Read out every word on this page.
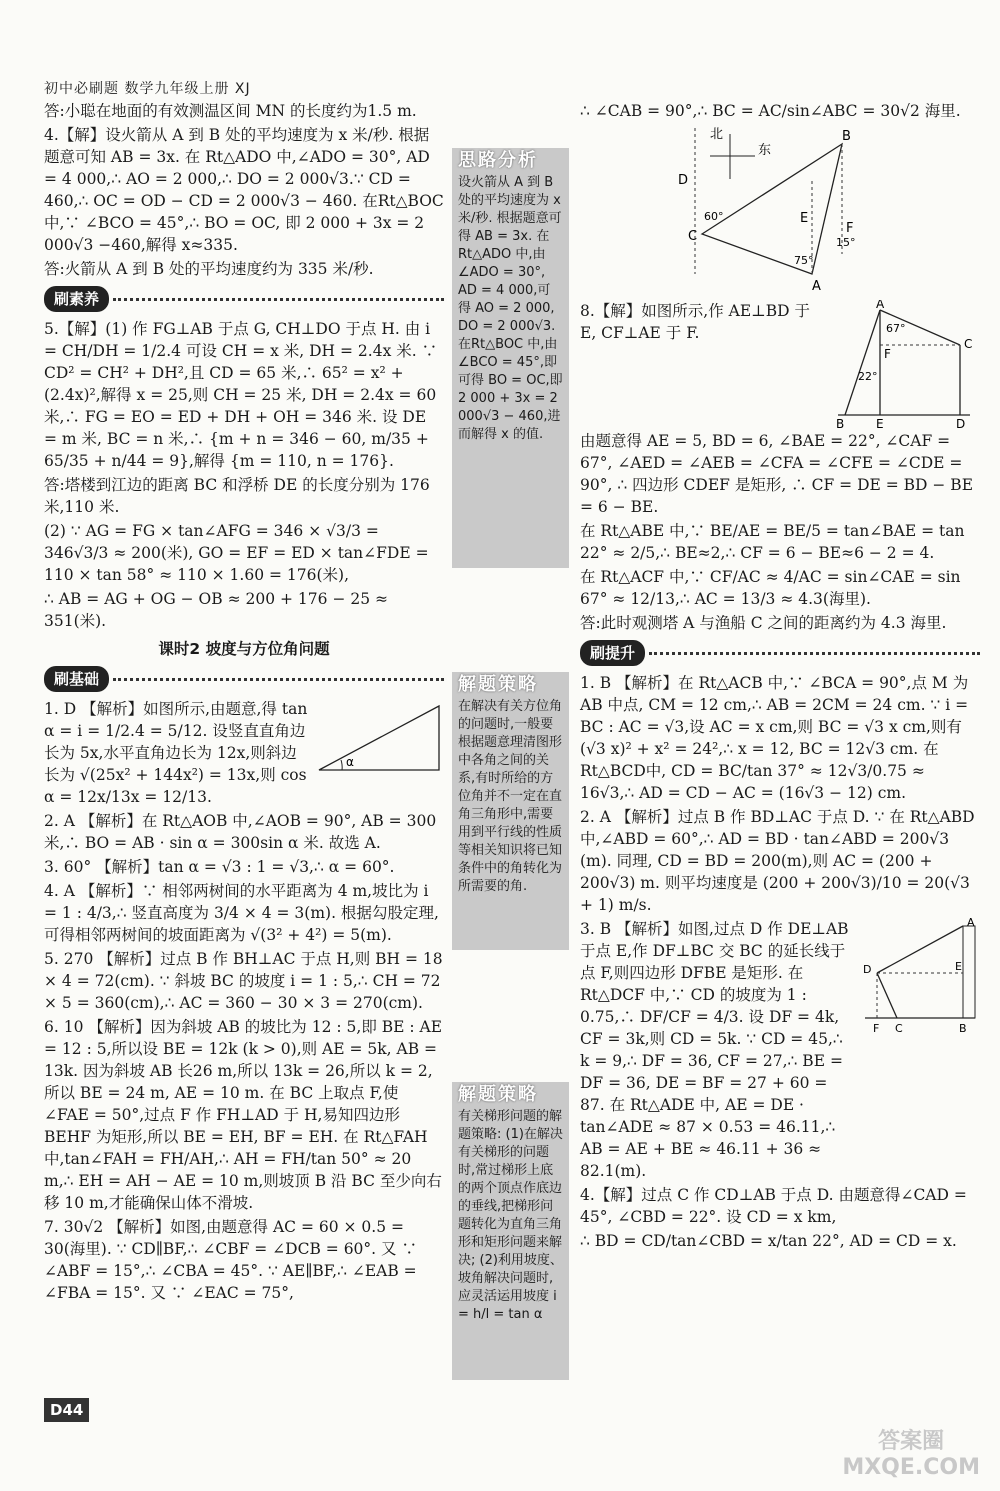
初中必刷题 数学九年级上册 XJ

答:小聪在地面的有效测温区间 MN 的长度约为1.5 m.

4.【解】设火箭从 A 到 B 处的平均速度为 x 米/秒. 根据题意可知 AB = 3x. 在 Rt△ADO 中,∠ADO = 30°, AD = 4 000,∴ AO = 2 000,∴ DO = 2 000√3.∵ CD = 460,∴ OC = OD − CD = 2 000√3 − 460. 在Rt△BOC中,∵ ∠BCO = 45°,∴ BO = OC, 即 2 000 + 3x = 2 000√3 −460,解得 x≈335.

答:火箭从 A 到 B 处的平均速度约为 335 米/秒.

刷素养

5.【解】(1) 作 FG⊥AB 于点 G, CH⊥DO 于点 H. 由 i = CH/DH = 1/2.4 可设 CH = x 米, DH = 2.4x 米. ∵ CD² = CH² + DH²,且 CD = 65 米,∴ 65² = x² + (2.4x)²,解得 x = 25,则 CH = 25 米, DH = 2.4x = 60 米,∴ FG = EO = ED + DH + OH = 346 米. 设 DE = m 米, BC = n 米,∴ {m + n = 346 − 60, m/35 + 65/35 + n/44 = 9},解得 {m = 110, n = 176}.

答:塔楼到江边的距离 BC 和浮桥 DE 的长度分别为 176 米,110 米.

(2) ∵ AG = FG × tan∠AFG = 346 × √3/3 = 346√3/3 ≈ 200(米), GO = EF = ED × tan∠FDE = 110 × tan 58° ≈ 110 × 1.60 = 176(米),

∴ AB = AG + OG − OB ≈ 200 + 176 − 25 ≈ 351(米).

课时2 坡度与方位角问题
刷基础

1. D 【解析】如图所示,由题意,得 tan α = i = 1/2.4 = 5/12. 设竖直直角边长为 5x,水平直角边长为 12x,则斜边长为 √(25x² + 144x²) = 13x,则 cos α = 12x/13x = 12/13.

α

2. A 【解析】在 Rt△AOB 中,∠AOB = 90°, AB = 300 米,∴ BO = AB · sin α = 300sin α 米. 故选 A.

3. 60° 【解析】tan α = √3 : 1 = √3,∴ α = 60°.

4. A 【解析】∵ 相邻两树间的水平距离为 4 m,坡比为 i = 1 : 4/3,∴ 竖直高度为 3/4 × 4 = 3(m). 根据勾股定理,可得相邻两树间的坡面距离为 √(3² + 4²) = 5(m).

5. 270 【解析】过点 B 作 BH⊥AC 于点 H,则 BH = 18 × 4 = 72(cm). ∵ 斜坡 BC 的坡度 i = 1 : 5,∴ CH = 72 × 5 = 360(cm),∴ AC = 360 − 30 × 3 = 270(cm).

6. 10 【解析】因为斜坡 AB 的坡比为 12 : 5,即 BE : AE = 12 : 5,所以设 BE = 12k (k > 0),则 AE = 5k, AB = 13k. 因为斜坡 AB 长26 m,所以 13k = 26,所以 k = 2,所以 BE = 24 m, AE = 10 m. 在 BC 上取点 F,使 ∠FAE = 50°,过点 F 作 FH⊥AD 于 H,易知四边形 BEHF 为矩形,所以 BE = EH, BF = EH. 在 Rt△FAH 中,tan∠FAH = FH/AH,∴ AH = FH/tan 50° ≈ 20 m,∴ EH = AH − AE = 10 m,则坡顶 B 沿 BC 至少向右移 10 m,才能确保山体不滑坡.

7. 30√2 【解析】如图,由题意得 AC = 60 × 0.5 = 30(海里). ∵ CD∥BF,∴ ∠CBF = ∠DCB = 60°. 又 ∵ ∠ABF = 15°,∴ ∠CBA = 45°. ∵ AE∥BF,∴ ∠EAB = ∠FBA = 15°. 又 ∵ ∠EAC = 75°,

思路分析
设火箭从 A 到 B 处的平均速度为 x 米/秒. 根据题意可得 AB = 3x. 在 Rt△ADO 中,由 ∠ADO = 30°, AD = 4 000,可得 AO = 2 000, DO = 2 000√3. 在Rt△BOC 中,由 ∠BCO = 45°,即可得 BO = OC,即 2 000 + 3x = 2 000√3 − 460,进而解得 x 的值.
解题策略
在解决有关方位角的问题时,一般要根据题意理清图形中各角之间的关系,有时所给的方位角并不一定在直角三角形中,需要用到平行线的性质等相关知识将已知条件中的角转化为所需要的角.
解题策略
有关梯形问题的解题策略: (1)在解决有关梯形的问题时,常过梯形上底的两个顶点作底边的垂线,把梯形问题转化为直角三角形和矩形问题来解决; (2)利用坡度、坡角解决问题时,应灵活运用坡度 i = h/l = tan α

∴ ∠CAB = 90°,∴ BC = AC/sin∠ABC = 30√2 海里.

北
东
D
B
C
E
F
A
60°
15°
75°

8.【解】如图所示,作 AE⊥BD 于 E, CF⊥AE 于 F.

A
C
F
B	E	D
67°
22°

由题意得 AE = 5, BD = 6, ∠BAE = 22°, ∠CAF = 67°, ∠AED = ∠AEB = ∠CFA = ∠CFE = ∠CDE = 90°, ∴ 四边形 CDEF 是矩形, ∴ CF = DE = BD − BE = 6 − BE.

在 Rt△ABE 中,∵ BE/AE = BE/5 = tan∠BAE = tan 22° ≈ 2/5,∴ BE≈2,∴ CF = 6 − BE≈6 − 2 = 4.

在 Rt△ACF 中,∵ CF/AC ≈ 4/AC = sin∠CAE = sin 67° ≈ 12/13,∴ AC = 13/3 ≈ 4.3(海里).

答:此时观测塔 A 与渔船 C 之间的距离约为 4.3 海里.

刷提升

1. B 【解析】在 Rt△ACB 中,∵ ∠BCA = 90°,点 M 为 AB 中点, CM = 12 cm,∴ AB = 2CM = 24 cm. ∵ i = BC : AC = √3,设 AC = x cm,则 BC = √3 x cm,则有 (√3 x)² + x² = 24²,∴ x = 12, BC = 12√3 cm. 在 Rt△BCD中, CD = BC/tan 37° ≈ 12√3/0.75 ≈ 16√3,∴ AD = CD − AC = (16√3 − 12) cm.

2. A 【解析】过点 B 作 BD⊥AC 于点 D. ∵ 在 Rt△ABD 中,∠ABD = 60°,∴ AD = BD · tan∠ABD = 200√3 (m). 同理, CD = BD = 200(m),则 AC = (200 + 200√3) m. 则平均速度是 (200 + 200√3)/10 = 20(√3 + 1) m/s.

3. B 【解析】如图,过点 D 作 DE⊥AB 于点 E,作 DF⊥BC 交 BC 的延长线于点 F,则四边形 DFBE 是矩形. 在 Rt△DCF 中,∵ CD 的坡度为 1 : 0.75,∴ DF/CF = 4/3. 设 DF = 4k, CF = 3k,则 CD = 5k. ∵ CD = 45,∴ k = 9,∴ DF = 36, CF = 27,∴ BE = DF = 36, DE = BF = 27 + 60 = 87. 在 Rt△ADE 中, AE = DE · tan∠ADE ≈ 87 × 0.53 = 46.11,∴ AB = AE + BE ≈ 46.11 + 36 ≈ 82.1(m).

A
D	E
F C	B

4.【解】过点 C 作 CD⊥AB 于点 D. 由题意得∠CAD = 45°, ∠CBD = 22°. 设 CD = x km,

∴ BD = CD/tan∠CBD = x/tan 22°, AD = CD = x.

D44
答案圈
MXQE.COM
